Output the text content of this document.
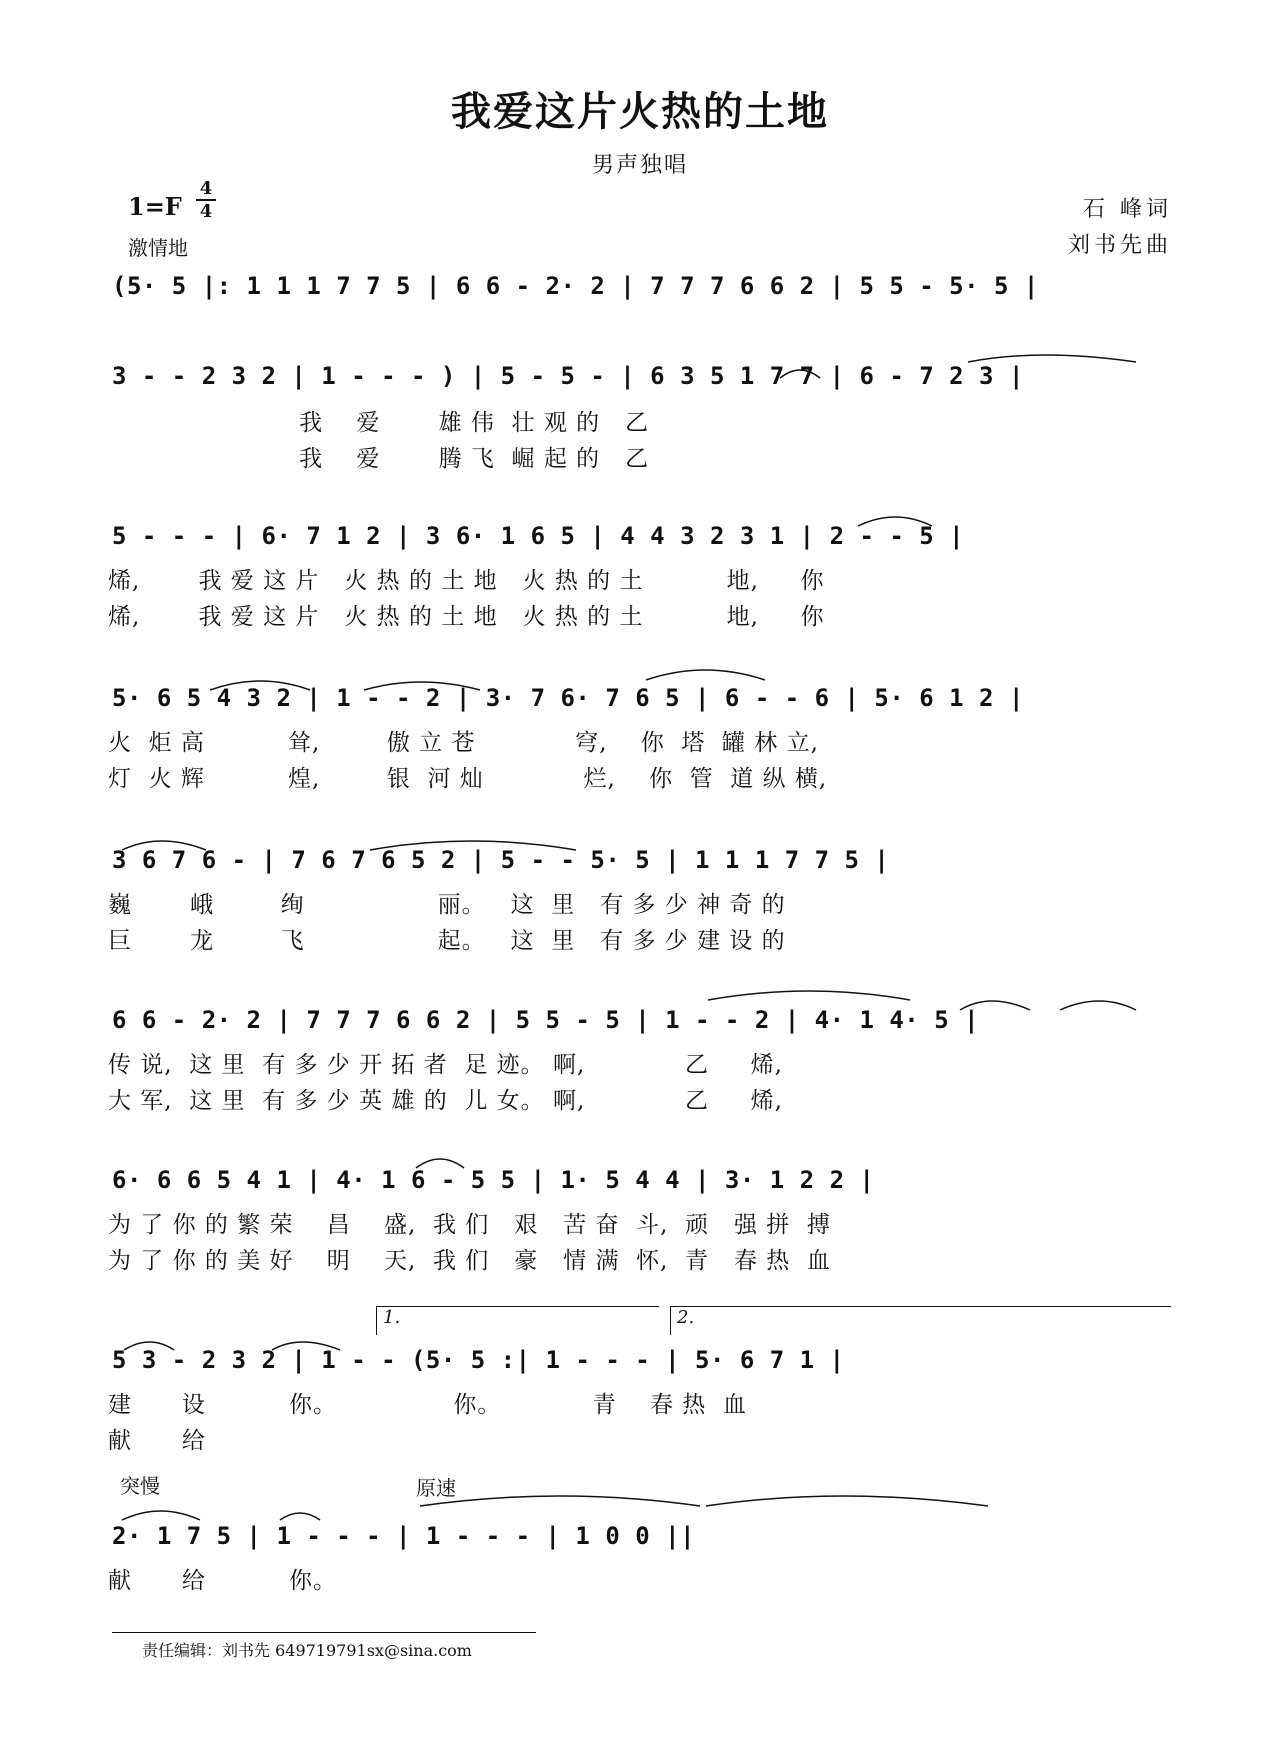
我爱这片火热的土地
男声独唱
1=F
4
4
激情地
石 峰词
刘书先曲
(5· 5 |: 1 1 1 7 7 5 | 6 6 - 2· 2 | 7 7 7 6 6 2 | 5 5 - 5· 5 |
3 - - 2 3 2 | 1 - - - ) | 5 - 5 - | 6 3 5 1 7 7 | 6 - 7 2 3 |
我    爱       雄 伟  壮 观 的   乙
我    爱       腾 飞  崛 起 的   乙
5 - - - | 6· 7 1 2 | 3 6· 1 6 5 | 4 4 3 2 3 1 | 2 - - 5 |
烯,       我 爱 这 片   火 热 的 土 地   火 热 的 土          地,     你
烯,       我 爱 这 片   火 热 的 土 地   火 热 的 土          地,     你
5· 6 5 4 3 2 | 1 - - 2 | 3· 7 6· 7 6 5 | 6 - - 6 | 5· 6 1 2 |
火  炬 高          耸,        傲 立 苍            穹,    你  塔  罐 林 立,
灯  火 辉          煌,        银  河 灿            烂,    你  管  道 纵 横,
3 6 7 6 - | 7 6 7 6 5 2 | 5 - - 5· 5 | 1 1 1 7 7 5 |
巍       峨        绚                丽。   这  里   有 多 少 神 奇 的
巨       龙        飞                起。   这  里   有 多 少 建 设 的
6 6 - 2· 2 | 7 7 7 6 6 2 | 5 5 - 5 | 1 - - 2 | 4· 1 4· 5 |
传 说,  这 里  有 多 少 开 拓 者  足 迹。 啊,            乙     烯,
大 军,  这 里  有 多 少 英 雄 的  儿 女。 啊,            乙     烯,
6· 6 6 5 4 1 | 4· 1 6 - 5 5 | 1· 5 4 4 | 3· 1 2 2 |
为 了 你 的 繁 荣    昌    盛,  我 们   艰   苦 奋  斗,  顽   强 拼  搏
为 了 你 的 美 好    明    天,  我 们   豪   情 满  怀,  青   春 热  血
1.	2.
5 3 - 2 3 2 | 1 - - (5· 5 :| 1 - - - | 5· 6 7 1 |
建      设          你。              你。           青    春 热  血
献      给
突慢	原速
2· 1 7 5 | 1 - - - | 1 - - - | 1 0 0 ||
献      给          你。
责任编辑：刘书先 649719791sx@sina.com
